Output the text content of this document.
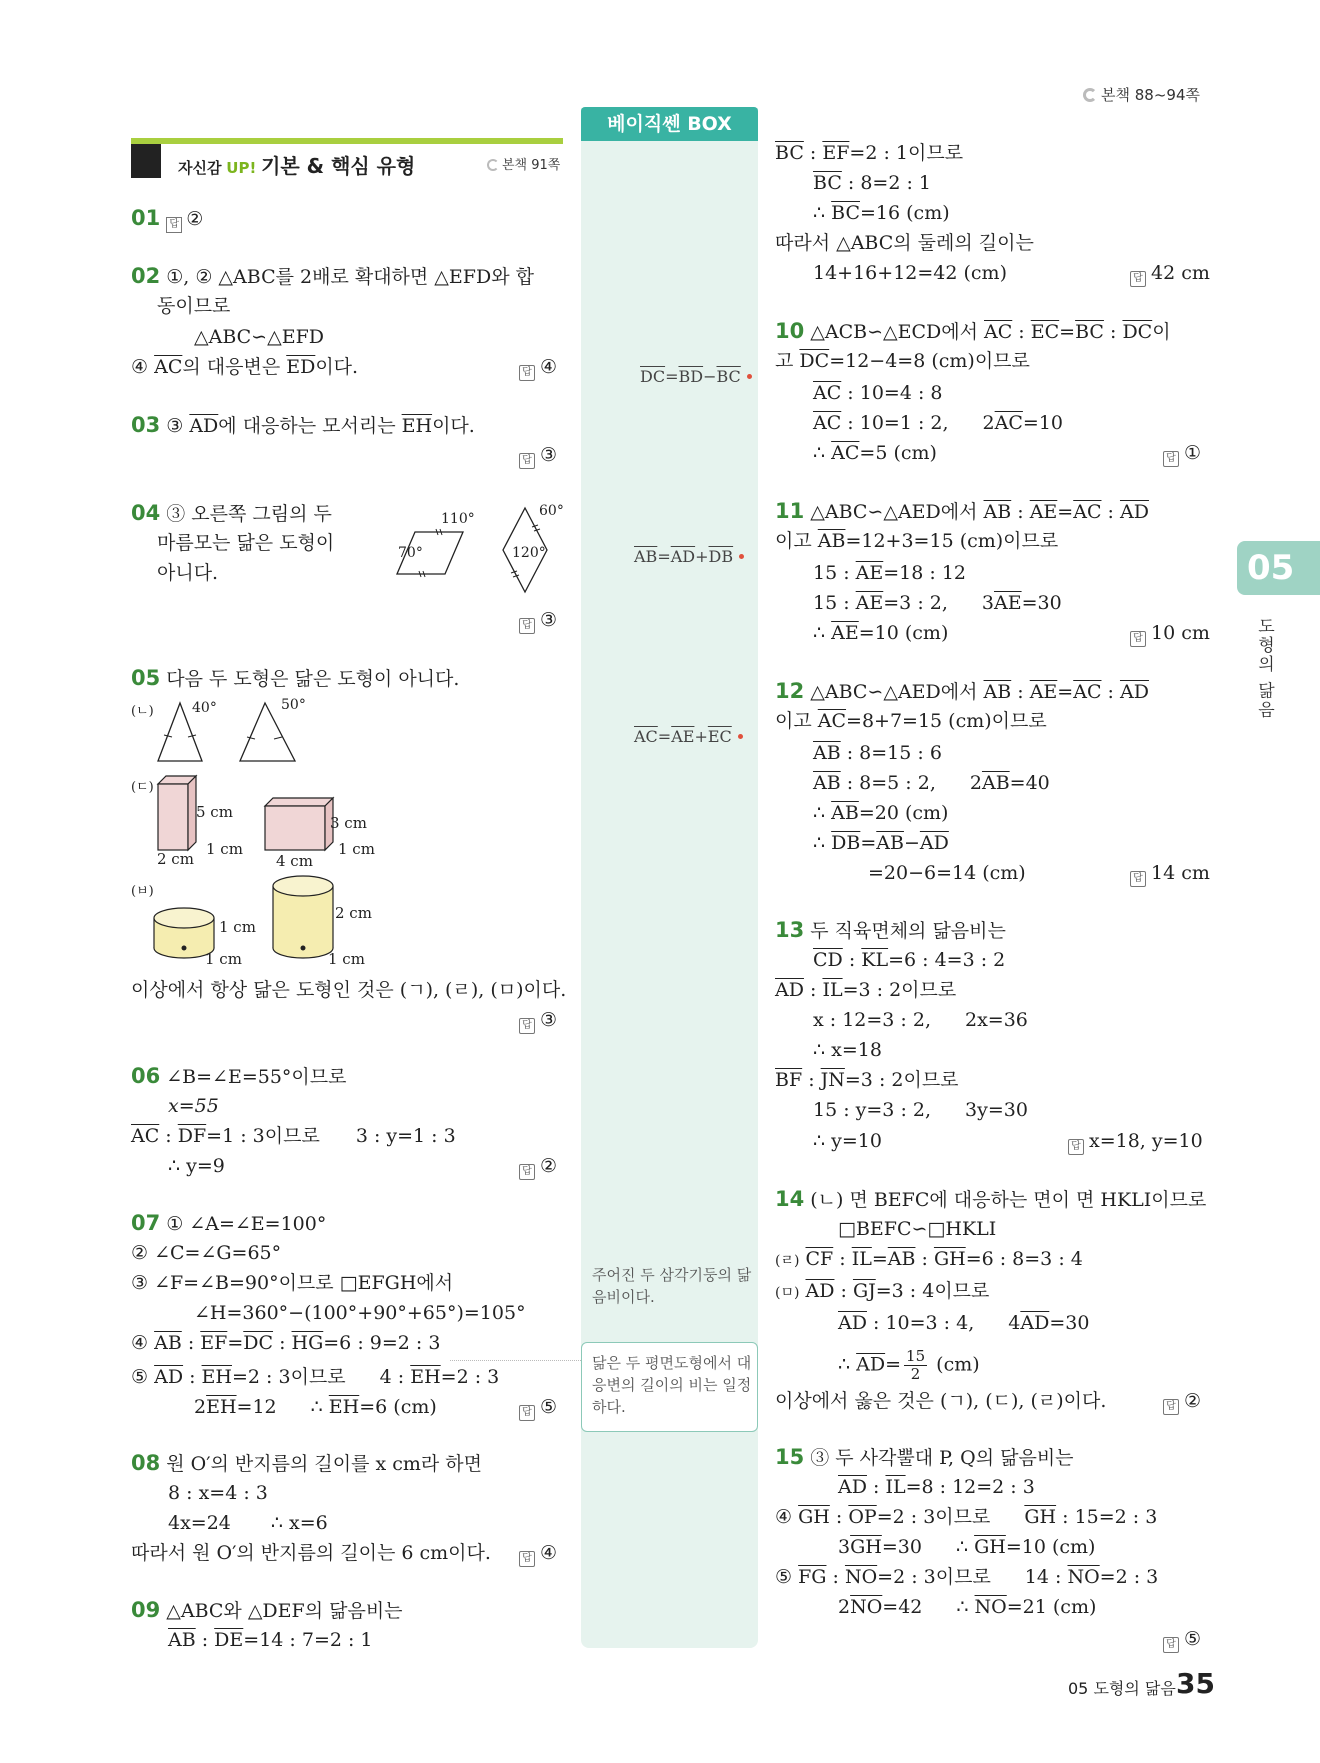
본책 88~94쪽
자신감 UP! 기본 & 핵심 유형	본책 91쪽
베이직쎈 BOX
05
도형의 닮음
05 도형의 닮음 35
01 답 ②
02 ①, ② △ABC를 2배로 확대하면 △EFD와 합
동이므로
△ABC∽△EFD
④ $\overline{AC}$의 대응변은 $\overline{ED}$이다.	답 ④
03 ③ $\overline{AD}$에 대응하는 모서리는 $\overline{EH}$이다.
답 ③
04 ③ 오른쪽 그림의 두
마름모는 닮은 도형이
아니다.
110°
70°
60°
120°
답 ③
05 다음 두 도형은 닮은 도형이 아니다.
(ㄴ)	40°	50°
(ㄷ)
5 cm
2 cm
1 cm
3 cm
4 cm
1 cm
(ㅂ)
1 cm
1 cm
2 cm
1 cm
이상에서 항상 닮은 도형인 것은 (ㄱ), (ㄹ), (ㅁ)이다.
답 ③
06 ∠B=∠E=55°이므로
x=55
$\overline{AC}$ : $\overline{DF}=1$ : 3이므로 3 : y=1 : 3
∴ y=9	답 ②
07 ① ∠A=∠E=100°
② ∠C=∠G=65°
③ ∠F=∠B=90°이므로 □EFGH에서
∠H=360°−(100°+90°+65°)=105°
④ $\overline{AB}$ : $\overline{EF}=\overline{DC}$ : $\overline{HG}=6$ : 9=2 : 3
⑤ $\overline{AD}$ : $\overline{EH}=2$ : 3이므로 4 : $\overline{EH}=2$ : 3
$2\overline{EH}=12$ ∴ $\overline{EH}=6$ (cm)	답 ⑤
08 원 O′의 반지름의 길이를 x cm라 하면
8 : x=4 : 3
4x=24 ∴ x=6
따라서 원 O′의 반지름의 길이는 6 cm이다.	답 ④
09 △ABC와 △DEF의 닮음비는
$\overline{AB}$ : $\overline{DE}=14$ : 7=2 : 1
$\overline{DC}=\overline{BD}-\overline{BC}$
$\overline{AB}=\overline{AD}+\overline{DB}$
$\overline{AC}=\overline{AE}+\overline{EC}$
주어진 두 삼각기둥의 닮음비이다.
닮은 두 평면도형에서 대응변의 길이의 비는 일정하다.
$\overline{BC}$ : $\overline{EF}=2$ : 1이므로
$\overline{BC}$ : 8=2 : 1
∴ $\overline{BC}=16$ (cm)
따라서 △ABC의 둘레의 길이는
14+16+12=42 (cm)	답 42 cm
10 △ACB∽△ECD에서 $\overline{AC}$ : $\overline{EC}=\overline{BC}$ : $\overline{DC}$이
고 $\overline{DC}=12-4=8$ (cm)이므로
$\overline{AC}$ : 10=4 : 8
$\overline{AC}$ : 10=1 : 2, $2\overline{AC}=10$
∴ $\overline{AC}=5$ (cm)	답 ①
11 △ABC∽△AED에서 $\overline{AB}$ : $\overline{AE}=\overline{AC}$ : $\overline{AD}$
이고 $\overline{AB}=12+3=15$ (cm)이므로
15 : $\overline{AE}=18$ : 12
15 : $\overline{AE}=3$ : 2, $3\overline{AE}=30$
∴ $\overline{AE}=10$ (cm)	답 10 cm
12 △ABC∽△AED에서 $\overline{AB}$ : $\overline{AE}=\overline{AC}$ : $\overline{AD}$
이고 $\overline{AC}=8+7=15$ (cm)이므로
$\overline{AB}$ : 8=15 : 6
$\overline{AB}$ : 8=5 : 2, $2\overline{AB}=40$
∴ $\overline{AB}=20$ (cm)
∴ $\overline{DB}=\overline{AB}-\overline{AD}$
=20−6=14 (cm)	답 14 cm
13 두 직육면체의 닮음비는
$\overline{CD}$ : $\overline{KL}=6$ : 4=3 : 2
$\overline{AD}$ : $\overline{IL}=3$ : 2이므로
x : 12=3 : 2, 2x=36
∴ x=18
$\overline{BF}$ : $\overline{JN}=3$ : 2이므로
15 : y=3 : 2, 3y=30
∴ y=10	답 x=18, y=10
14 (ㄴ) 면 BEFC에 대응하는 면이 면 HKLI이므로
□BEFC∽□HKLI
(ㄹ) $\overline{CF}$ : $\overline{IL}=\overline{AB}$ : $\overline{GH}=6$ : 8=3 : 4
(ㅁ) $\overline{AD}$ : $\overline{GJ}=3$ : 4이므로
$\overline{AD}$ : 10=3 : 4, $4\overline{AD}=30$
∴ $\overline{AD}= \frac{15}{2} (cm)$
이상에서 옳은 것은 (ㄱ), (ㄷ), (ㄹ)이다.	답 ②
15 ③ 두 사각뿔대 P, Q의 닮음비는
$\overline{AD}$ : $\overline{IL}=8$ : 12=2 : 3
④ $\overline{GH}$ : $\overline{OP}=2$ : 3이므로 $\overline{GH}$ : 15=2 : 3
$3\overline{GH}=30$ ∴ $\overline{GH}=10$ (cm)
⑤ $\overline{FG}$ : $\overline{NO}=2$ : 3이므로 14 : $\overline{NO}=2$ : 3
$2\overline{NO}=42$ ∴ $\overline{NO}=21$ (cm)
답 ⑤
